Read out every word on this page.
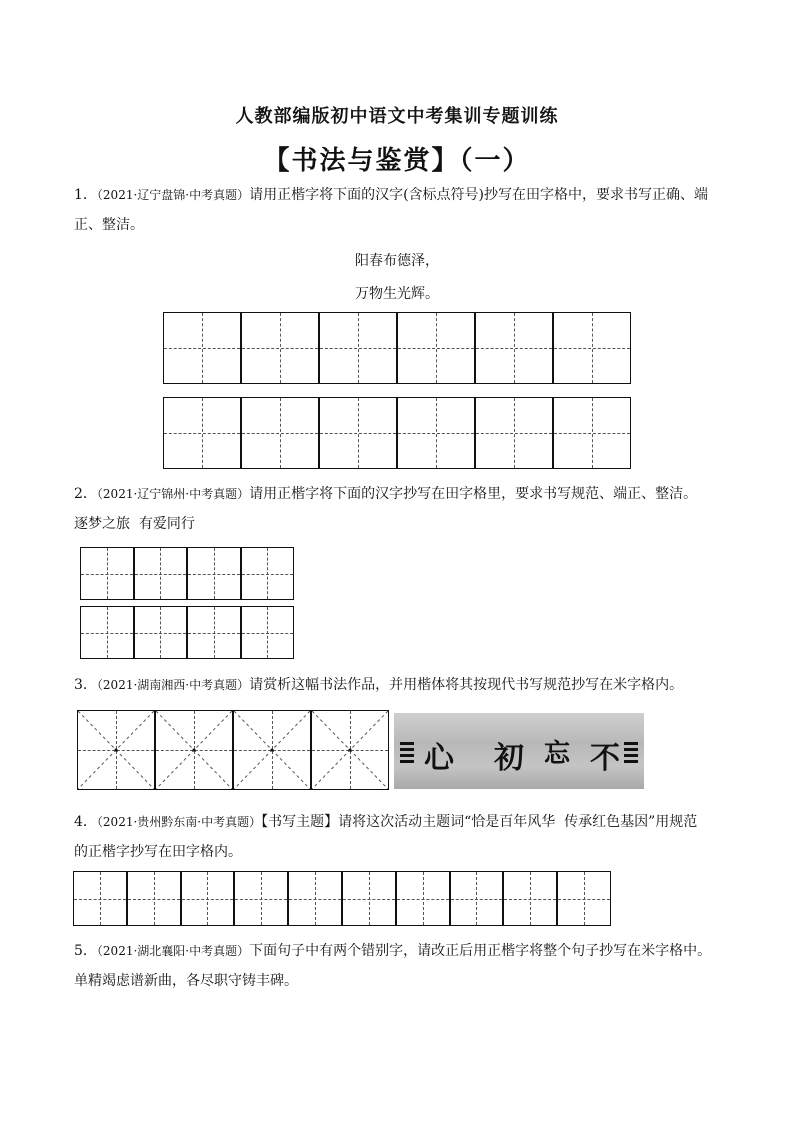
人教部编版初中语文中考集训专题训练
【书法与鉴赏】（一）
1．（2021·辽宁盘锦·中考真题）请用正楷字将下面的汉字(含标点符号)抄写在田字格中，要求书写正确、端
正、整洁。
阳春布德泽，
万物生光辉。
2．（2021·辽宁锦州·中考真题）请用正楷字将下面的汉字抄写在田字格里，要求书写规范、端正、整洁。
逐梦之旅  有爱同行
3．（2021·湖南湘西·中考真题）请赏析这幅书法作品，并用楷体将其按现代书写规范抄写在米字格内。
心 初 忘 不
4．（2021·贵州黔东南·中考真题）【书写主题】请将这次活动主题词“恰是百年风华  传承红色基因”用规范
的正楷字抄写在田字格内。
5．（2021·湖北襄阳·中考真题）下面句子中有两个错别字，请改正后用正楷字将整个句子抄写在米字格中。
单精竭虑谱新曲，各尽职守铸丰碑。
